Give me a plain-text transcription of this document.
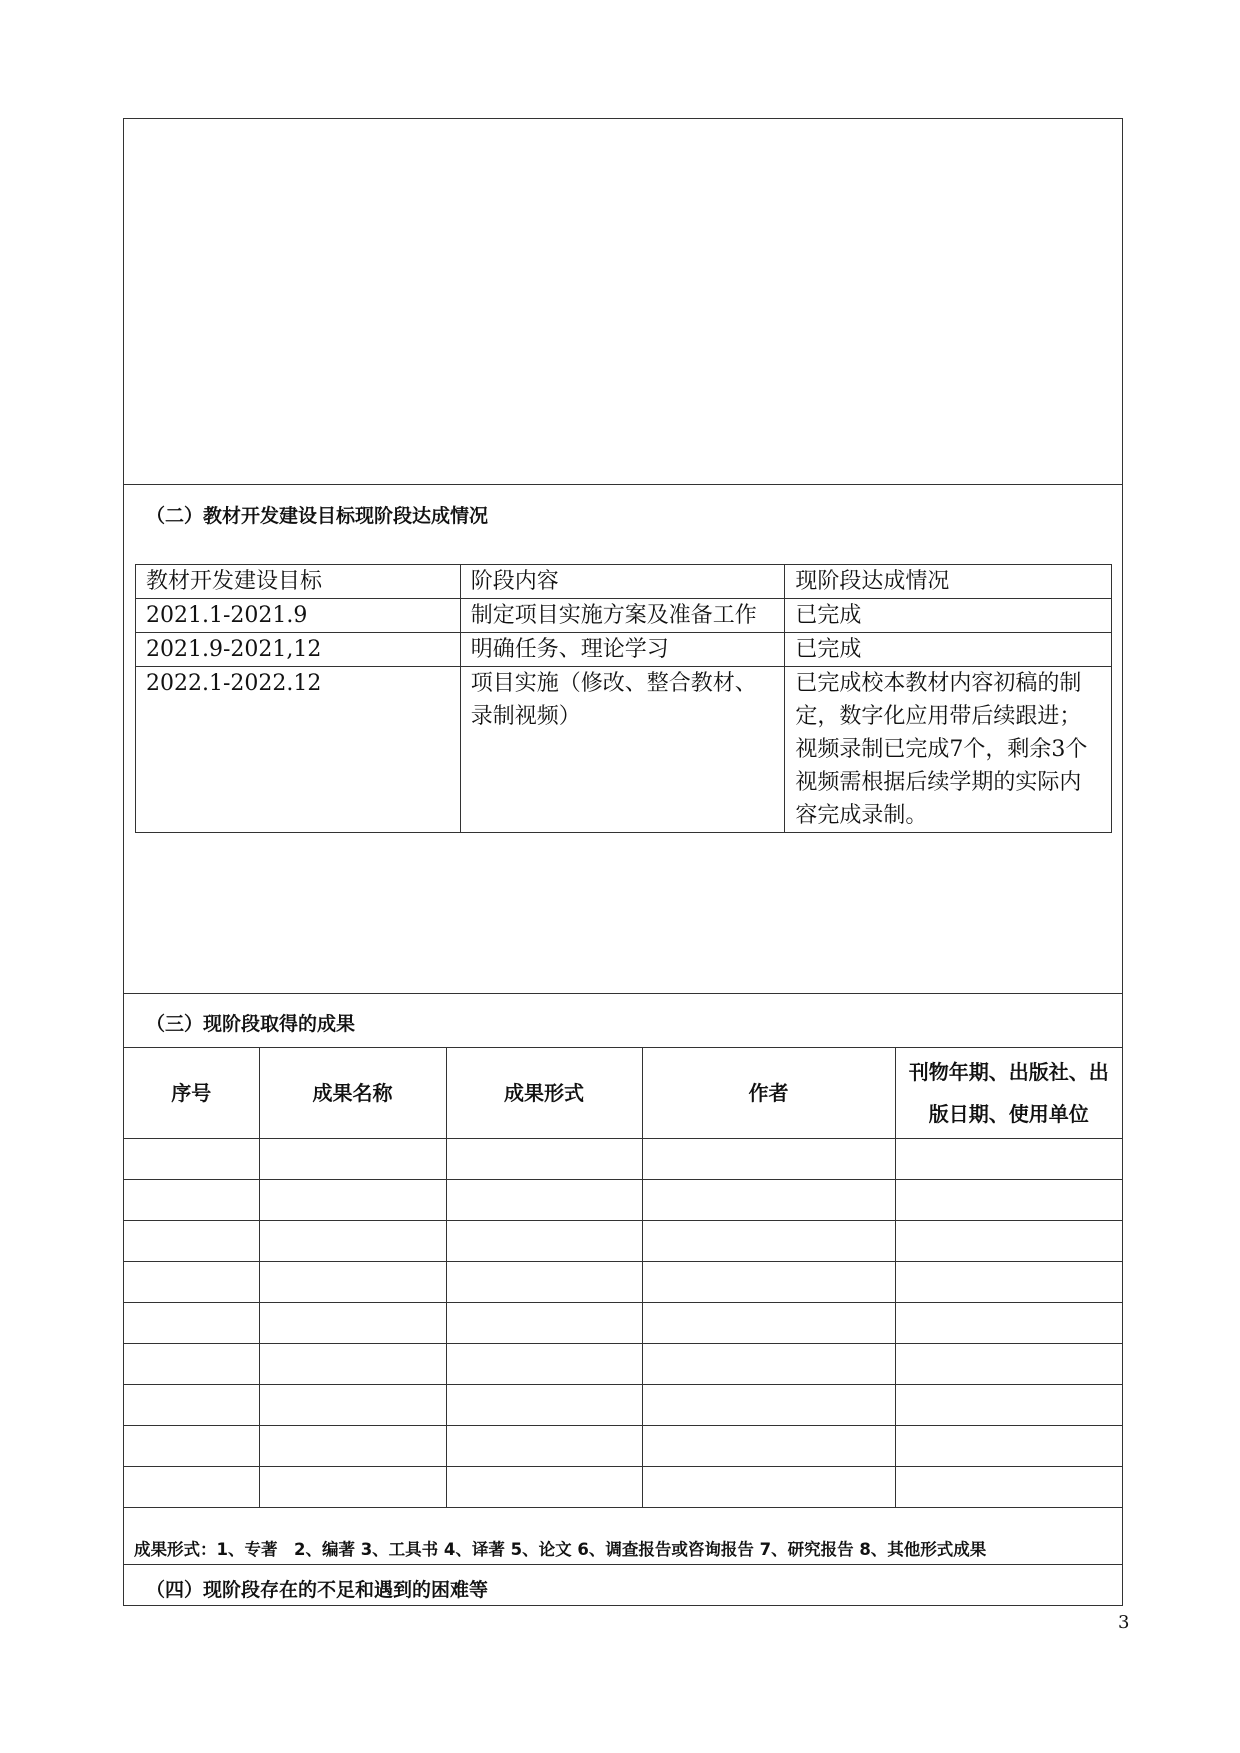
（二）教材开发建设目标现阶段达成情况
教材开发建设目标	阶段内容	现阶段达成情况
2021.1-2021.9	制定项目实施方案及准备工作	已完成
2021.9-2021,12	明确任务、理论学习	已完成
2022.1-2022.12	项目实施（修改、整合教材、录制视频）	已完成校本教材内容初稿的制定，数字化应用带后续跟进；视频录制已完成7个，剩余3个视频需根据后续学期的实际内容完成录制。
（三）现阶段取得的成果
序号	成果名称	成果形式	作者	刊物年期、出版社、出版日期、使用单位

成果形式：1、专著　2、编著 3、工具书 4、译著 5、论文 6、调查报告或咨询报告 7、研究报告 8、其他形式成果
（四）现阶段存在的不足和遇到的困难等
3
